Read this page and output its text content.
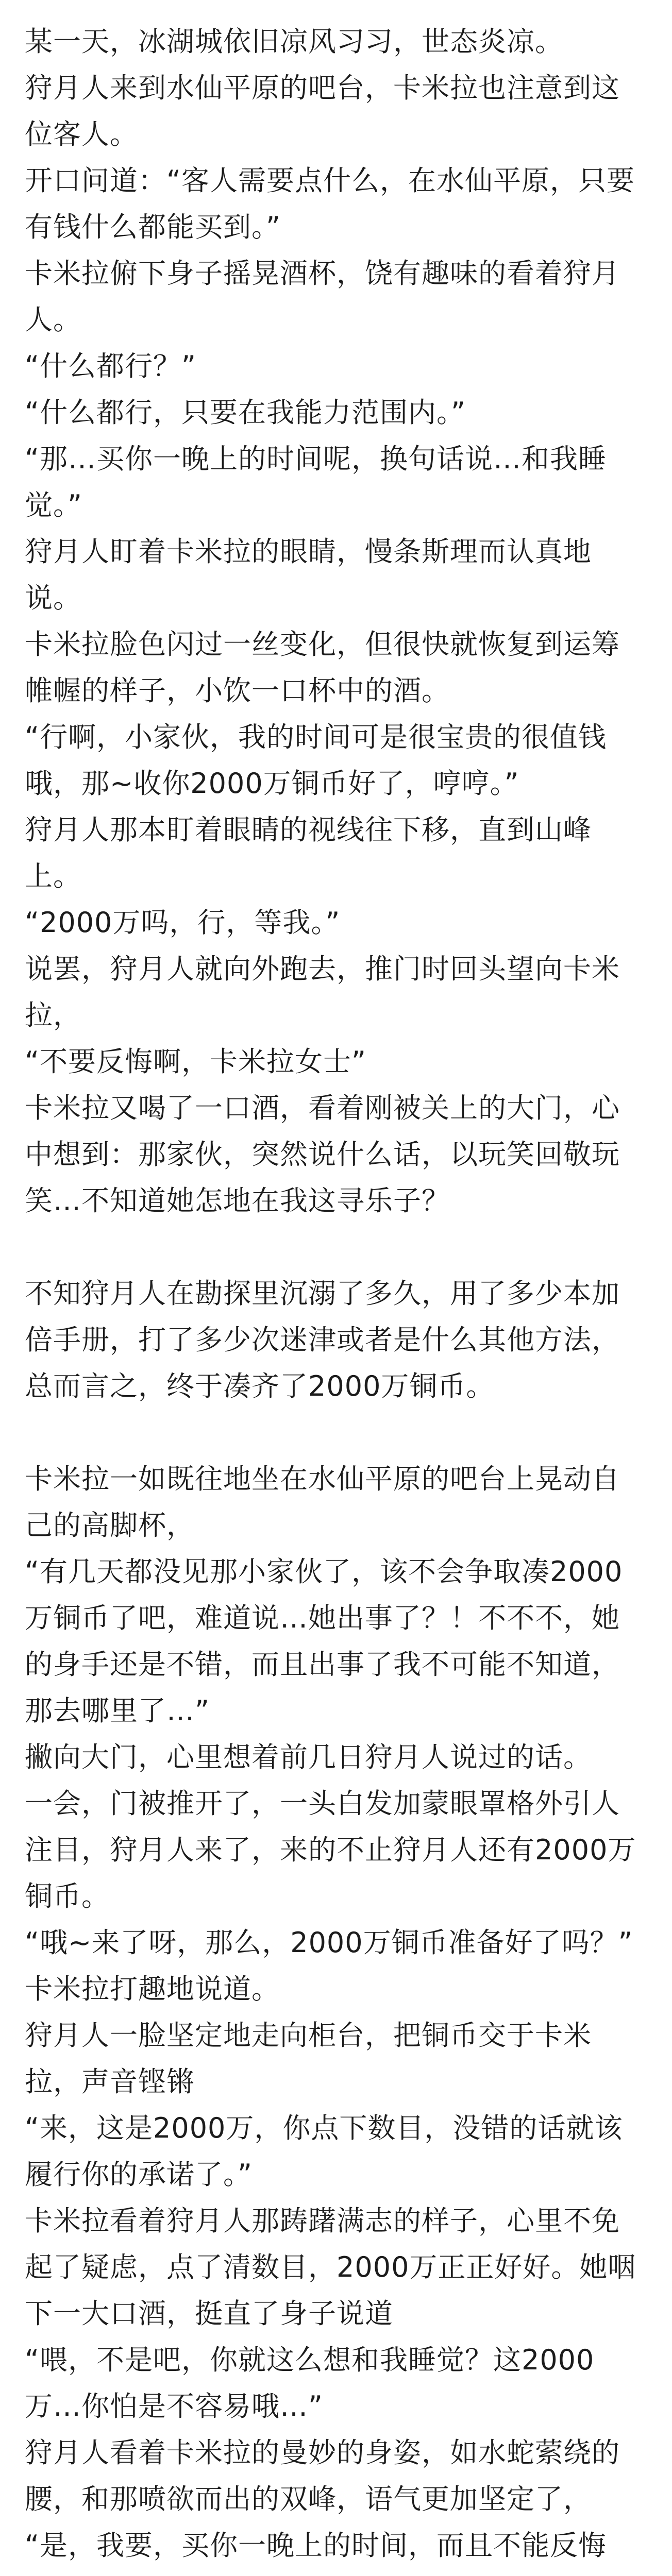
某一天，冰湖城依旧凉风习习，世态炎凉。

狩月人来到水仙平原的吧台，卡米拉也注意到这位客人。

开口问道：“客人需要点什么，在水仙平原，只要有钱什么都能买到。”

卡米拉俯下身子摇晃酒杯，饶有趣味的看着狩月人。

“什么都行？”

“什么都行，只要在我能力范围内。”

“那…买你一晚上的时间呢，换句话说…和我睡觉。”

狩月人盯着卡米拉的眼睛，慢条斯理而认真地说。

卡米拉脸色闪过一丝变化，但很快就恢复到运筹帷幄的样子，小饮一口杯中的酒。

“行啊，小家伙，我的时间可是很宝贵的很值钱哦，那~收你2000万铜币好了，哼哼。”

狩月人那本盯着眼睛的视线往下移，直到山峰上。

“2000万吗，行，等我。”

说罢，狩月人就向外跑去，推门时回头望向卡米拉，

“不要反悔啊，卡米拉女士”

卡米拉又喝了一口酒，看着刚被关上的大门，心中想到：那家伙，突然说什么话，以玩笑回敬玩笑…不知道她怎地在我这寻乐子？

不知狩月人在勘探里沉溺了多久，用了多少本加倍手册，打了多少次迷津或者是什么其他方法，总而言之，终于凑齐了2000万铜币。

卡米拉一如既往地坐在水仙平原的吧台上晃动自己的高脚杯，

“有几天都没见那小家伙了，该不会争取凑2000万铜币了吧，难道说…她出事了？！不不不，她的身手还是不错，而且出事了我不可能不知道，那去哪里了…”

撇向大门，心里想着前几日狩月人说过的话。

一会，门被推开了，一头白发加蒙眼罩格外引人注目，狩月人来了，来的不止狩月人还有2000万铜币。

“哦~来了呀，那么，2000万铜币准备好了吗？”

卡米拉打趣地说道。

狩月人一脸坚定地走向柜台，把铜币交于卡米拉，声音铿锵

“来，这是2000万，你点下数目，没错的话就该履行你的承诺了。”

卡米拉看着狩月人那踌躇满志的样子，心里不免起了疑虑，点了清数目，2000万正正好好。她咽下一大口酒，挺直了身子说道

“喂，不是吧，你就这么想和我睡觉？这2000万…你怕是不容易哦…”

狩月人看着卡米拉的曼妙的身姿，如水蛇萦绕的腰，和那喷欲而出的双峰，语气更加坚定了，

“是，我要，买你一晚上的时间，而且不能反悔
